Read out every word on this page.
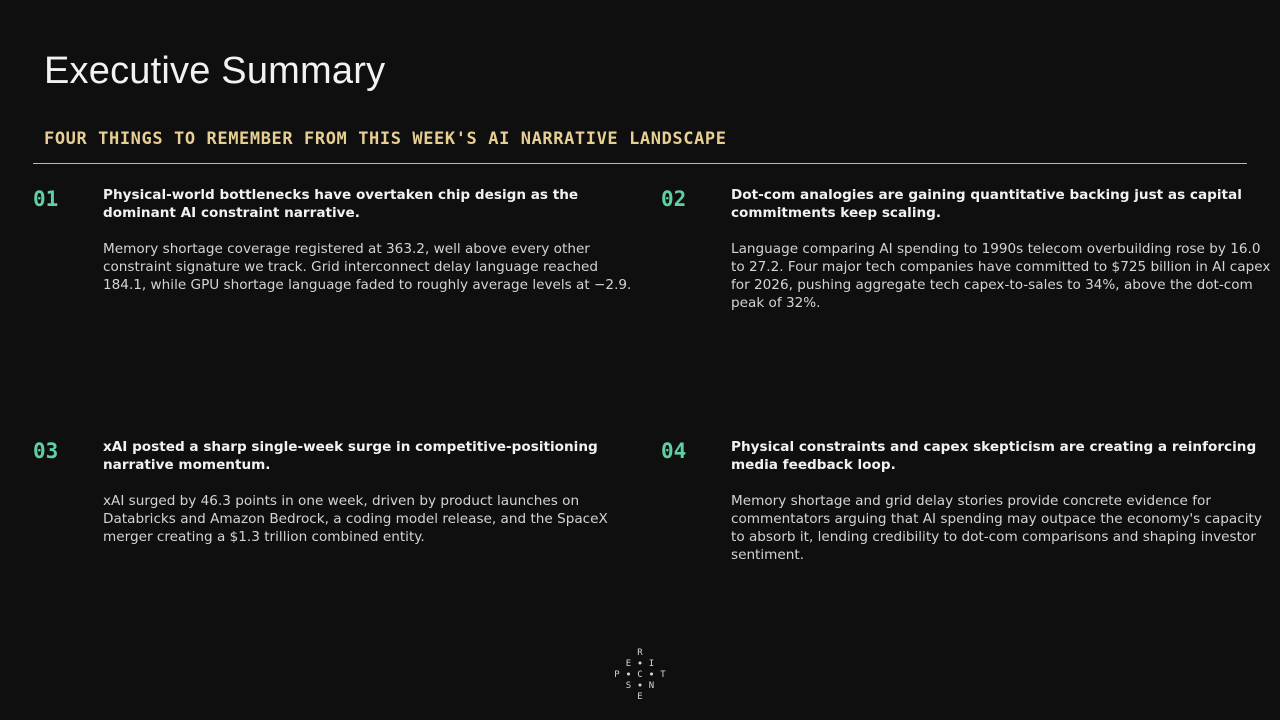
Executive Summary
FOUR THINGS TO REMEMBER FROM THIS WEEK'S AI NARRATIVE LANDSCAPE

01	Physical-world bottlenecks have overtaken chip design as the dominant AI constraint narrative.

Memory shortage coverage registered at 363.2, well above every other constraint signature we track. Grid interconnect delay language reached 184.1, while GPU shortage language faded to roughly average levels at −2.9.

02	Dot-com analogies are gaining quantitative backing just as capital commitments keep scaling.

Language comparing AI spending to 1990s telecom overbuilding rose by 16.0 to 27.2. Four major tech companies have committed to $725 billion in AI capex for 2026, pushing aggregate tech capex-to-sales to 34%, above the dot-com peak of 32%.

03	xAI posted a sharp single-week surge in competitive-positioning narrative momentum.

xAI surged by 46.3 points in one week, driven by product launches on Databricks and Amazon Bedrock, a coding model release, and the SpaceX merger creating a $1.3 trillion combined entity.

04	Physical constraints and capex skepticism are creating a reinforcing media feedback loop.

Memory shortage and grid delay stories provide concrete evidence for commentators arguing that AI spending may outpace the economy's capacity to absorb it, lending credibility to dot-com comparisons and shaping investor sentiment.

R
E I
P C T
S N
E
